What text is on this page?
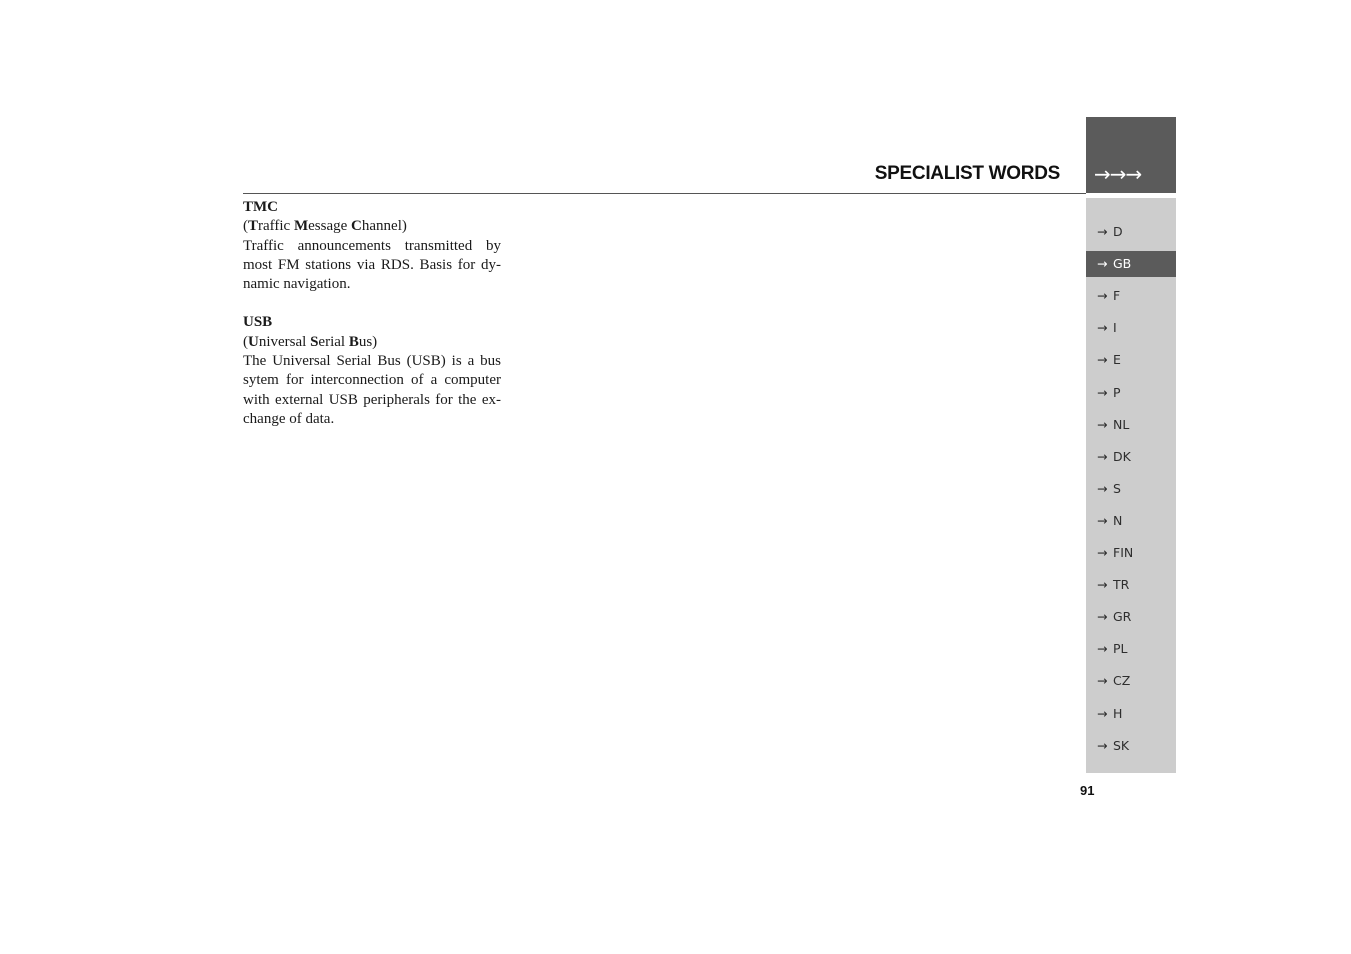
→→→
SPECIALIST WORDS
TMC
(Traffic Message Channel)
Traffic announcements transmitted by most FM stations via RDS. Basis for dynamic navigation.
USB
(Universal Serial Bus)
The Universal Serial Bus (USB) is a bus sytem for interconnection of a computer with external USB peripherals for the exchange of data.
→ D
→ GB
→ F
→ I
→ E
→ P
→ NL
→ DK
→ S
→ N
→ FIN
→ TR
→ GR
→ PL
→ CZ
→ H
→ SK
91
